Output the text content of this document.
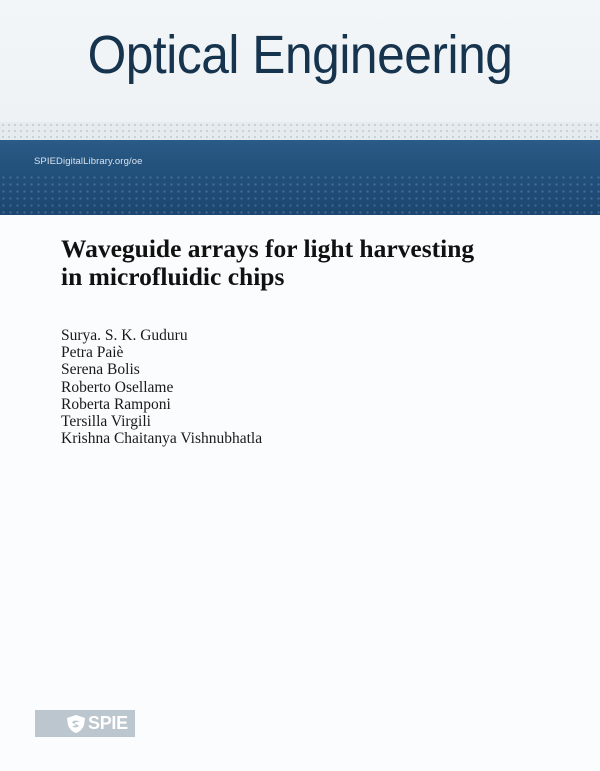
Optical Engineering
SPIEDigitalLibrary.org/oe
Waveguide arrays for light harvesting
in microfluidic chips
Surya. S. K. Guduru
Petra Paiè
Serena Bolis
Roberto Osellame
Roberta Ramponi
Tersilla Virgili
Krishna Chaitanya Vishnubhatla
SPIE
